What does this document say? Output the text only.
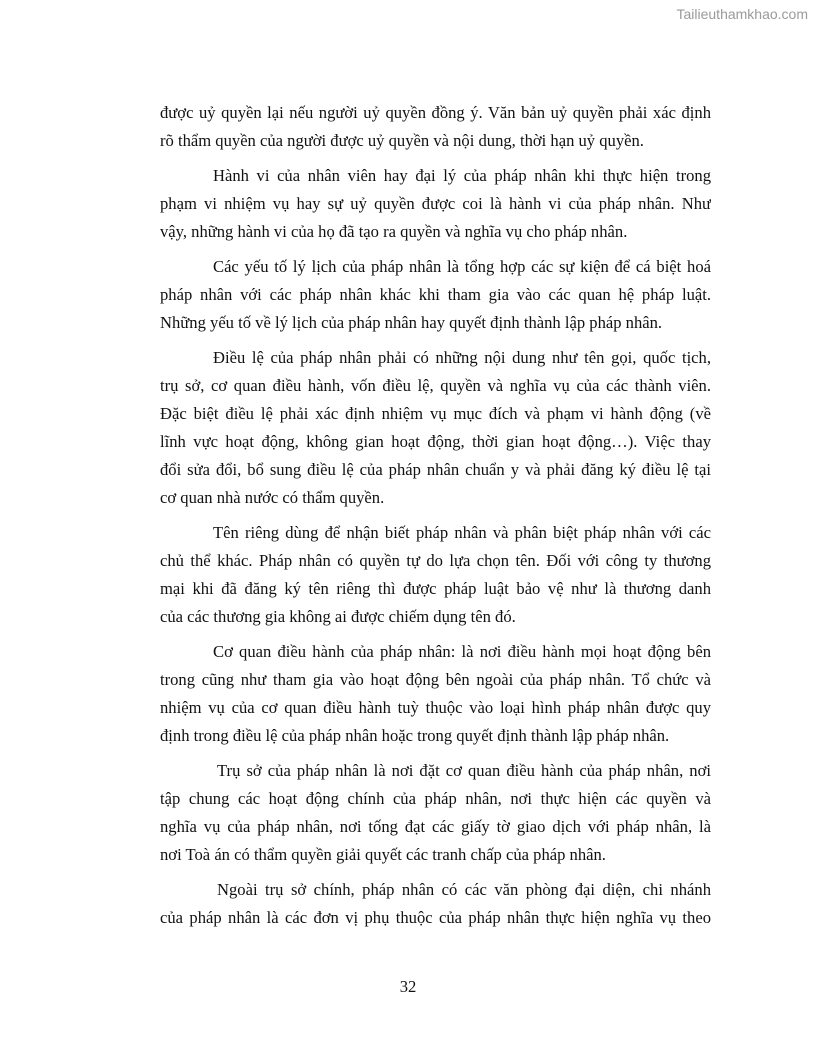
Tailieuthamkhao.com
được uỷ quyền lại nếu người uỷ quyền đồng ý. Văn bản uỷ quyền phải xác định
rõ thẩm quyền của người được uỷ quyền và nội dung, thời hạn uỷ quyền.
Hành vi của nhân viên hay đại lý của pháp nhân khi thực hiện trong
phạm vi nhiệm vụ hay sự uỷ quyền được coi là hành vi của pháp nhân. Như
vậy, những hành vi của họ đã tạo ra quyền và nghĩa vụ cho pháp nhân.
Các yếu tố lý lịch của pháp nhân là tổng hợp các sự kiện để cá biệt hoá
pháp nhân với các pháp nhân khác khi tham gia vào các quan hệ pháp luật.
Những yếu tố về lý lịch của pháp nhân hay quyết định thành lập pháp nhân.
Điều lệ của pháp nhân phải có những nội dung như tên gọi, quốc tịch,
trụ sở, cơ quan điều hành, vốn điều lệ, quyền và nghĩa vụ của các thành viên.
Đặc biệt điều lệ phải xác định nhiệm vụ mục đích và phạm vi hành động (về
lĩnh vực hoạt động, không gian hoạt động, thời gian hoạt động…). Việc thay
đổi sửa đổi, bổ sung điều lệ của pháp nhân chuẩn y và phải đăng ký điều lệ tại
cơ quan nhà nước có thẩm quyền.
Tên riêng dùng để nhận biết pháp nhân và phân biệt pháp nhân với các
chủ thể khác. Pháp nhân có quyền tự do lựa chọn tên. Đối với công ty thương
mại khi đã đăng ký tên riêng thì được pháp luật bảo vệ như là thương danh
của các thương gia không ai được chiếm dụng tên đó.
Cơ quan điều hành của pháp nhân: là nơi điều hành mọi hoạt động bên
trong cũng như tham gia vào hoạt động bên ngoài của pháp nhân. Tổ chức và
nhiệm vụ của cơ quan điều hành tuỳ thuộc vào loại hình pháp nhân được quy
định trong điều lệ của pháp nhân hoặc trong quyết định thành lập pháp nhân.
Trụ sở của pháp nhân là nơi đặt cơ quan điều hành của pháp nhân, nơi
tập chung các hoạt động chính của pháp nhân, nơi thực hiện các quyền và
nghĩa vụ của pháp nhân, nơi tống đạt các giấy tờ giao dịch với pháp nhân, là
nơi Toà án có thẩm quyền giải quyết các tranh chấp của pháp nhân.
Ngoài trụ sở chính, pháp nhân có các văn phòng đại diện, chi nhánh
của pháp nhân là các đơn vị phụ thuộc của pháp nhân thực hiện nghĩa vụ theo
32
